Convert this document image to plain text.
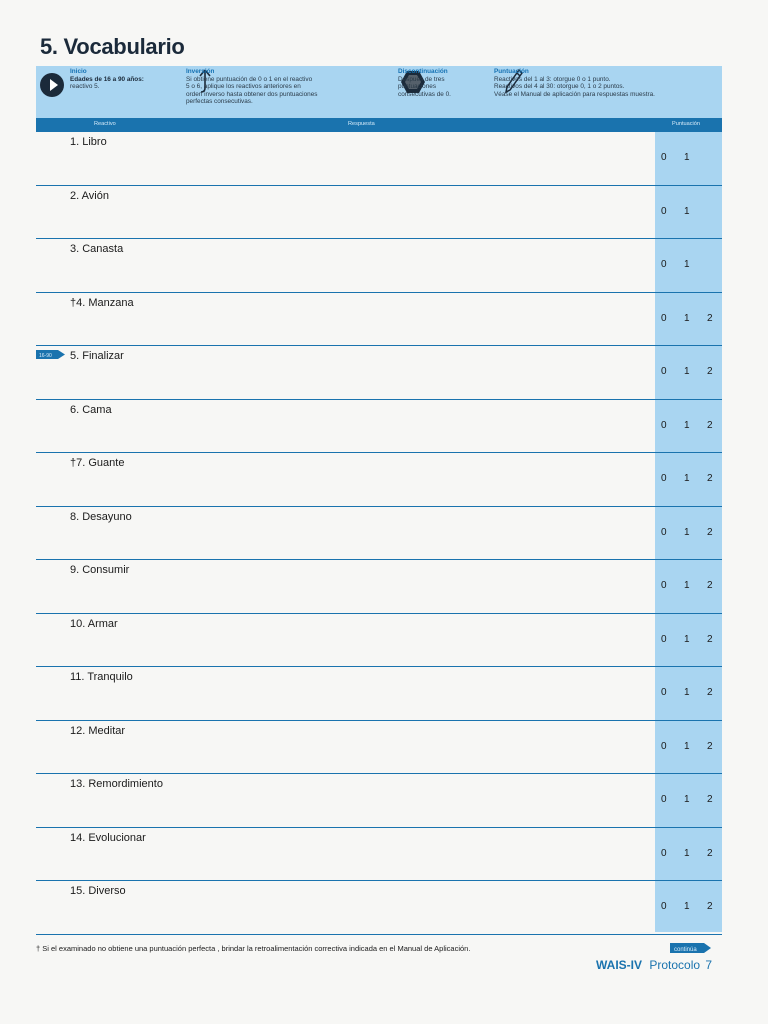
5. Vocabulario
Inicio
Edades de 16 a 90 años:
reactivo 5.
Inversión
Si obtiene puntuación de 0 o 1 en el reactivo
5 o 6, aplique los reactivos anteriores en
orden inverso hasta obtener dos puntuaciones
perfectas consecutivas.
Discontinuación
Después de tres
puntuaciones
consecutivas de 0.
Puntuación
Reactivos del 1 al 3: otorgue 0 o 1 punto.
Reactivos del 4 al 30: otorgue 0, 1 o 2 puntos.
Véase el Manual de aplicación para respuestas muestra.
Reactivo	Respuesta	Puntuación
1. Libro
0 1
2. Avión
0 1
3. Canasta
0 1
†4. Manzana
0 1 2
5. Finalizar
0 1 2
6. Cama
0 1 2
†7. Guante
0 1 2
8. Desayuno
0 1 2
9. Consumir
0 1 2
10. Armar
0 1 2
11. Tranquilo
0 1 2
12. Meditar
0 1 2
13. Remordimiento
0 1 2
14. Evolucionar
0 1 2
15. Diverso
0 1 2
16-90
† Si el examinado no obtiene una puntuación perfecta , brindar la retroalimentación correctiva indicada en el Manual de Aplicación.	continúa
WAIS-IV Protocolo 7
